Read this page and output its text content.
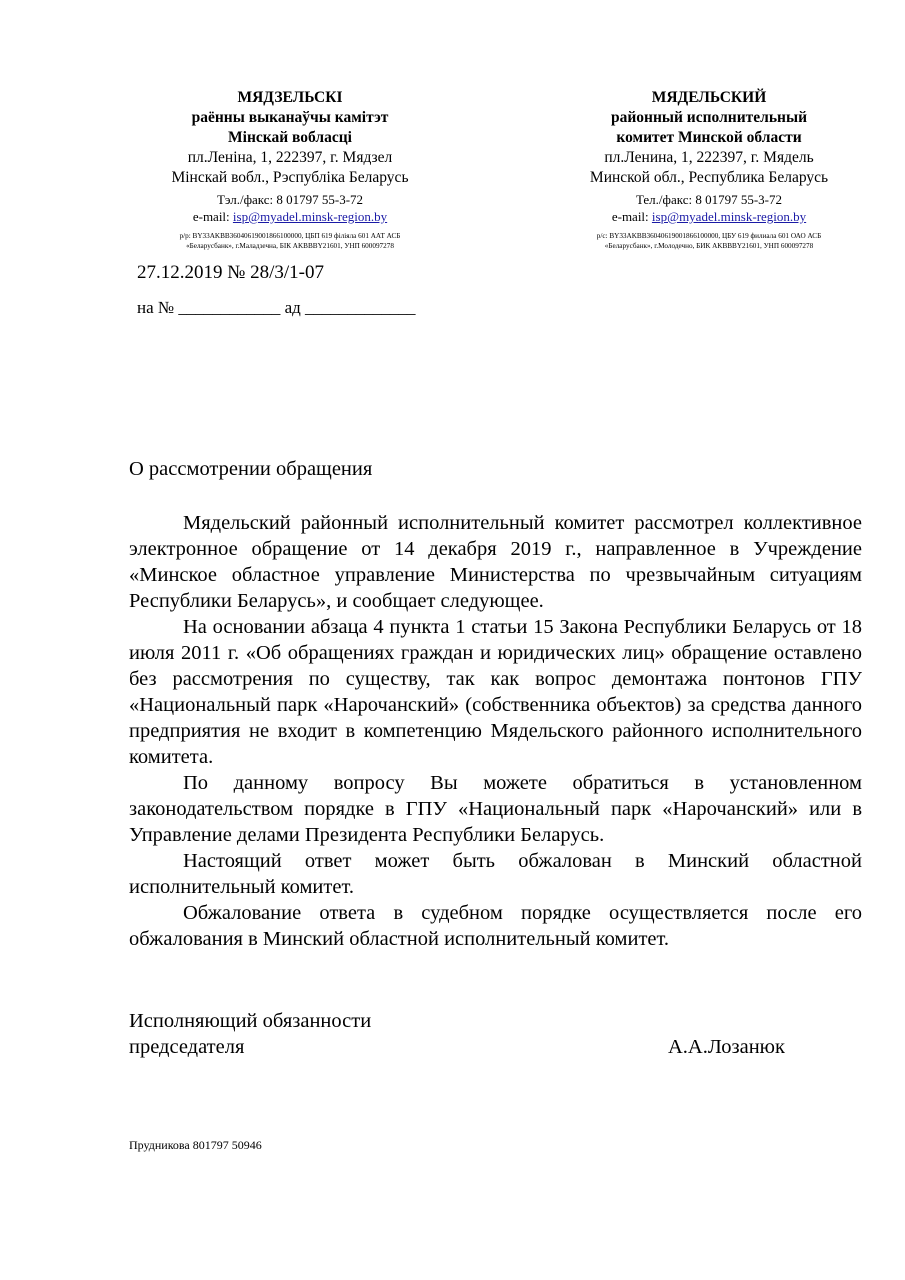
МЯДЗЕЛЬСКІ
раённы выканаўчы камітэт
Мінскай вобласці
пл.Леніна, 1, 222397, г. Мядзел
Мінскай вобл., Рэспубліка Беларусь
Тэл./факс: 8 01797 55-3-72
e-mail: isp@myadel.minsk-region.by
р/р: BY33AKBB36040619001866100000, ЦБП 619 філіяла 601 ААТ АСБ
«Беларусбанк», г.Маладзечна, БІК AKBBBY21601, УНП 600097278
МЯДЕЛЬСКИЙ
районный исполнительный
комитет Минской области
пл.Ленина, 1, 222397, г. Мядель
Минской обл., Республика Беларусь
Тел./факс: 8 01797 55-3-72
e-mail: isp@myadel.minsk-region.by
р/с: BY33AKBB36040619001866100000, ЦБУ 619 филиала 601 ОАО АСБ
«Беларусбанк», г.Молодечно, БИК AKBBBY21601, УНП 600097278
27.12.2019 № 28/3/1-07
на № ____________ ад _____________
О рассмотрении обращения

Мядельский районный исполнительный комитет рассмотрел коллективное электронное обращение от 14 декабря 2019 г., направленное в Учреждение «Минское областное управление Министерства по чрезвычайным ситуациям Республики Беларусь», и сообщает следующее.

На основании абзаца 4 пункта 1 статьи 15 Закона Республики Беларусь от 18 июля 2011 г. «Об обращениях граждан и юридических лиц» обращение оставлено без рассмотрения по существу, так как вопрос демонтажа понтонов ГПУ «Национальный парк «Нарочанский» (собственника объектов) за средства данного предприятия не входит в компетенцию Мядельского районного исполнительного комитета.

По данному вопросу Вы можете обратиться в установленном законодательством порядке в ГПУ «Национальный парк «Нарочанский» или в Управление делами Президента Республики Беларусь.

Настоящий ответ может быть обжалован в Минский областной исполнительный комитет.

Обжалование ответа в судебном порядке осуществляется после его обжалования в Минский областной исполнительный комитет.

Исполняющий обязанности
председателя	А.А.Лозанюк
Прудникова 801797 50946
